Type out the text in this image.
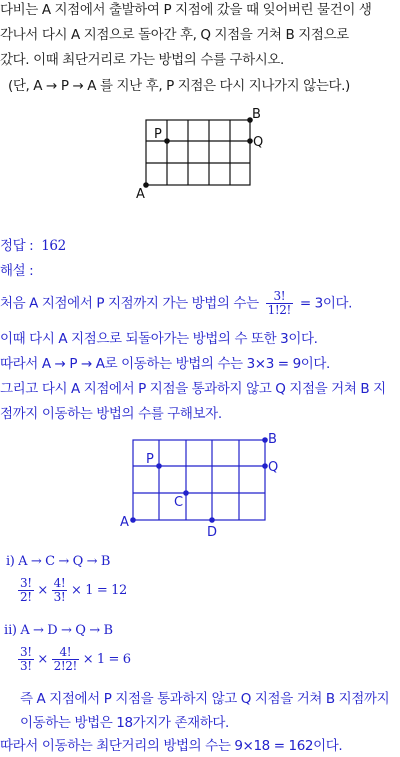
다비는 A 지점에서 출발하여 P 지점에 갔을 때 잊어버린 물건이 생
각나서 다시 A 지점으로 돌아간 후, Q 지점을 거쳐 B 지점으로
갔다. 이때 최단거리로 가는 방법의 수를 구하시오.
(단, A → P → A 를 지난 후, P 지점은 다시 지나가지 않는다.)
B
P
Q
A
정답 : 162
해설 :
처음 A 지점에서 P 지점까지 가는 방법의 수는 $\frac{3!}{1!2!} = 3$이다.
이때 다시 A 지점으로 되돌아가는 방법의 수 또한 3이다.
따라서 A → P → A로 이동하는 방법의 수는 3×3 = 9이다.
그리고 다시 A 지점에서 P 지점을 통과하지 않고 Q 지점을 거쳐 B 지
점까지 이동하는 방법의 수를 구해보자.
B
P
Q
C
A
D
ⅰ) A → C → Q → B
$\frac{3!}{2!} \times \frac{4!}{3!} \times 1 = 12$
ⅱ) A → D → Q → B
$\frac{3!}{3!} \times \frac{4!}{2!2!} \times 1 = 6$
즉 A 지점에서 P 지점을 통과하지 않고 Q 지점을 거쳐 B 지점까지
이동하는 방법은 18가지가 존재하다.
따라서 이동하는 최단거리의 방법의 수는 9×18 = 162이다.
